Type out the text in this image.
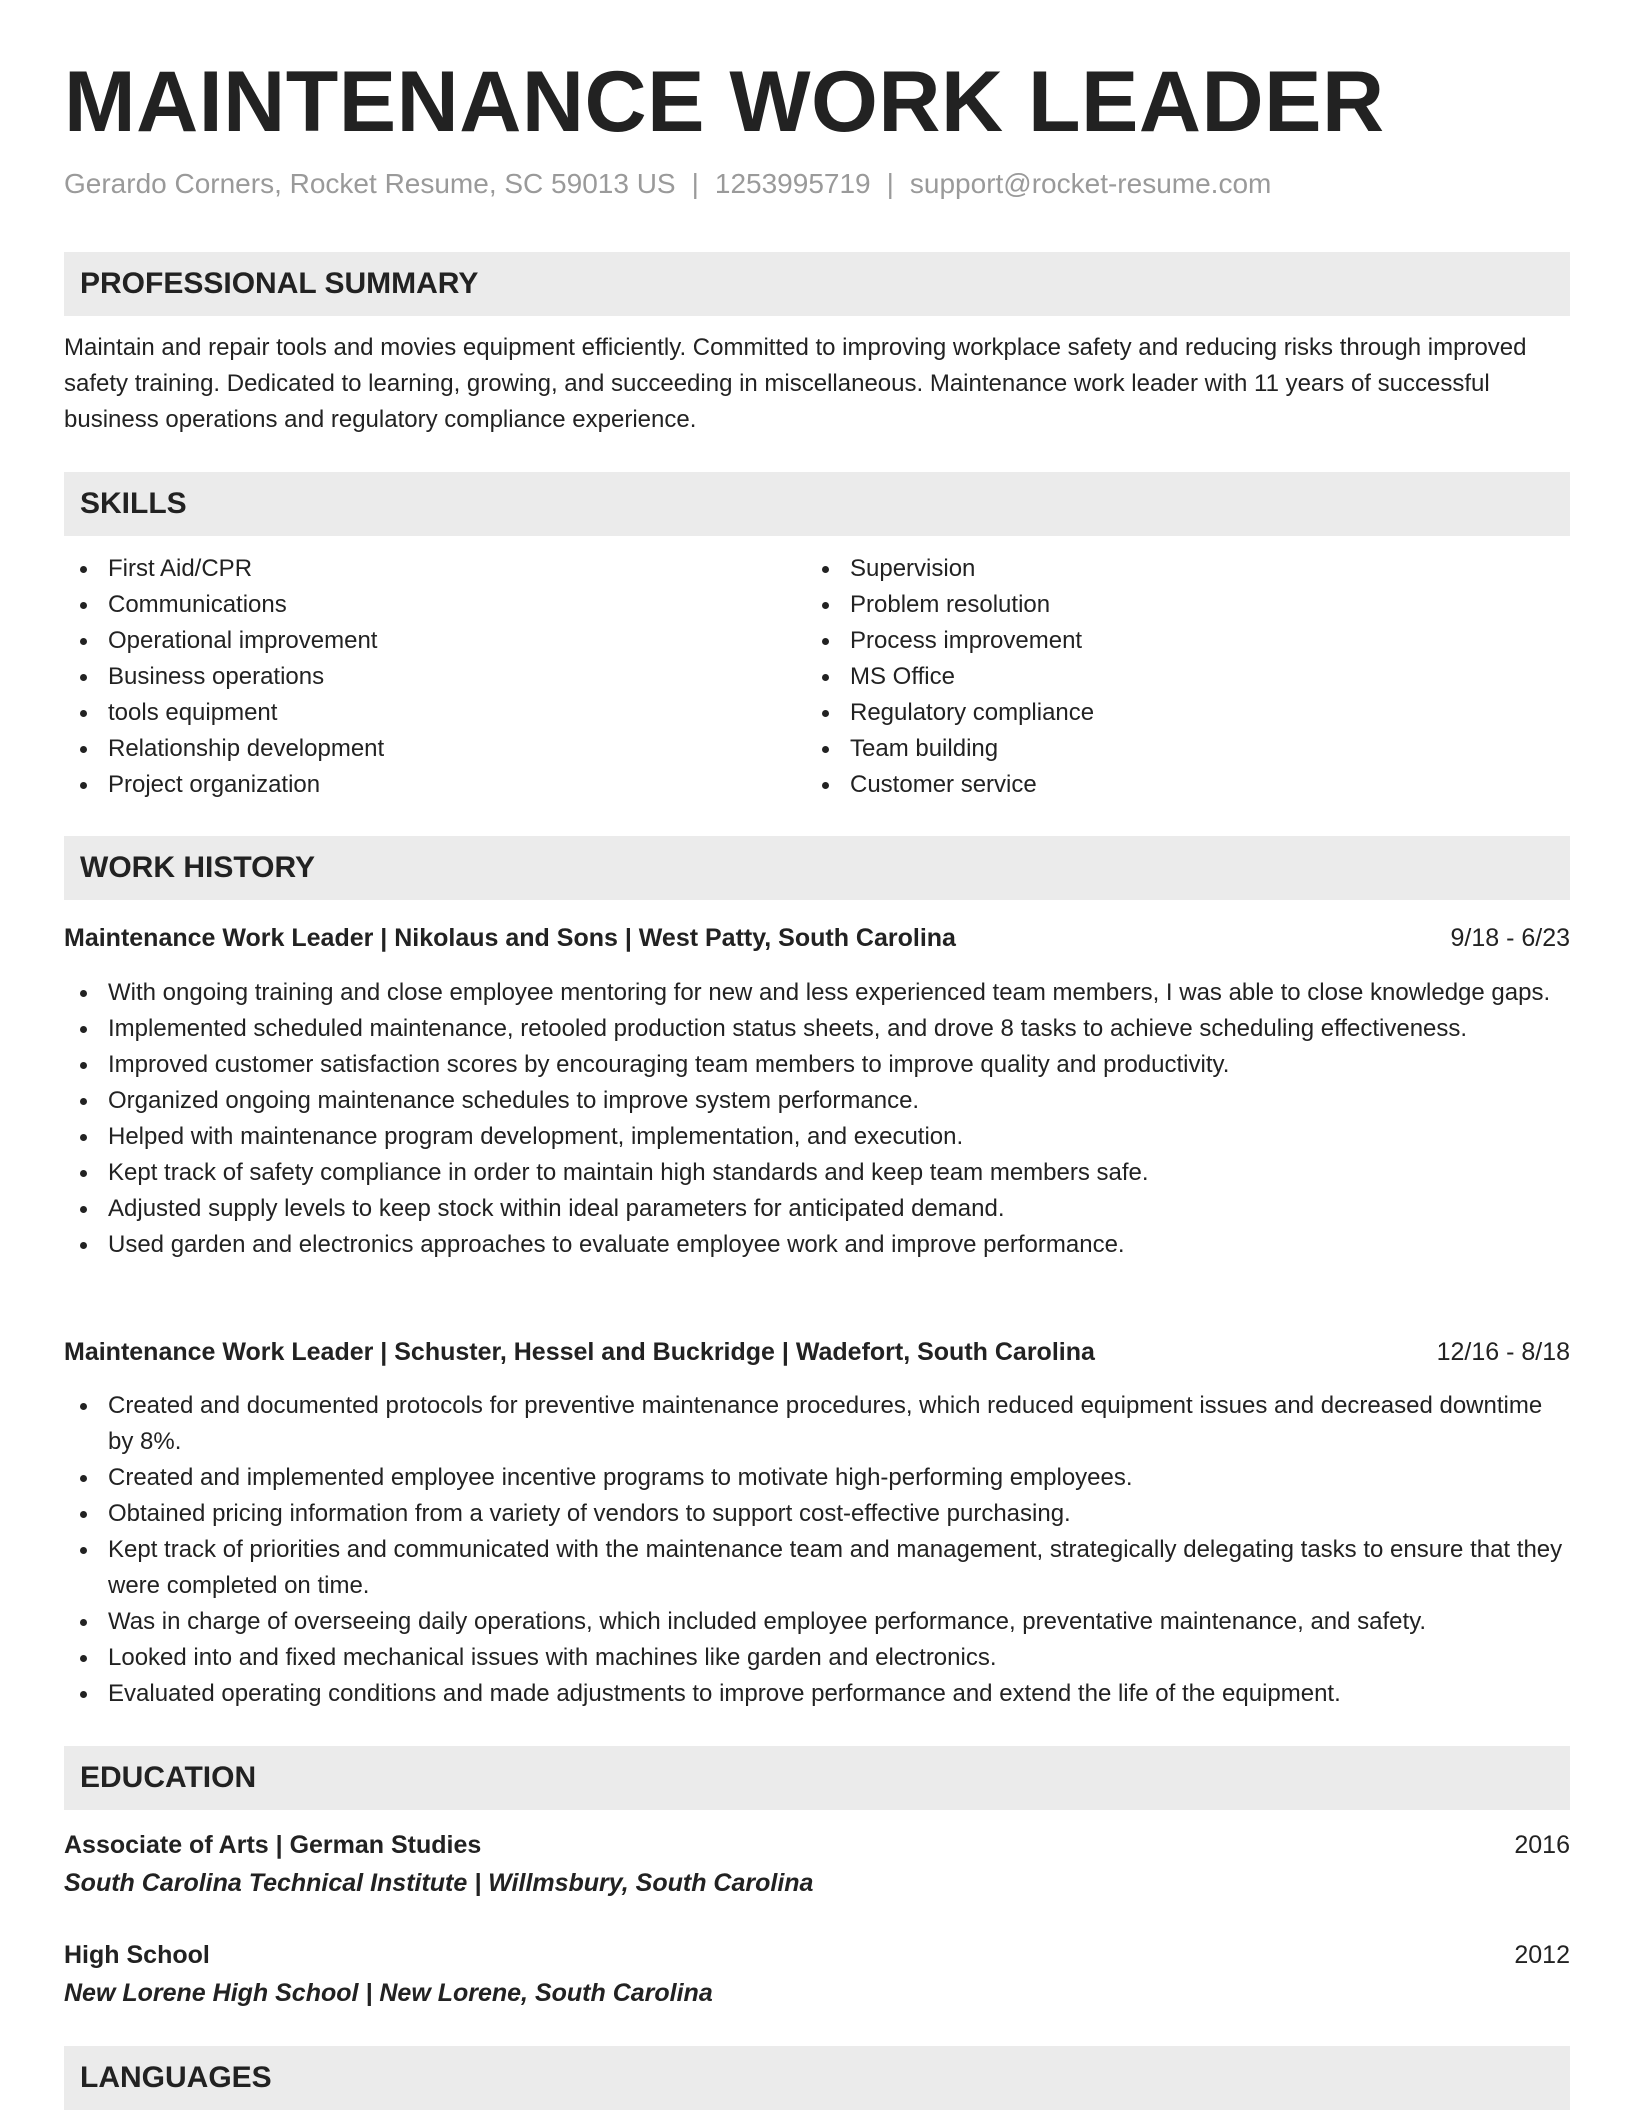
MAINTENANCE WORK LEADER
Gerardo Corners, Rocket Resume, SC 59013 US | 1253995719 | support@rocket-resume.com
PROFESSIONAL SUMMARY

Maintain and repair tools and movies equipment efficiently. Committed to improving workplace safety and reducing risks through improved safety training. Dedicated to learning, growing, and succeeding in miscellaneous. Maintenance work leader with 11 years of successful business operations and regulatory compliance experience.

SKILLS
First Aid/CPR
Communications
Operational improvement
Business operations
tools equipment
Relationship development
Project organization
Supervision
Problem resolution
Process improvement
MS Office
Regulatory compliance
Team building
Customer service
WORK HISTORY
Maintenance Work Leader | Nikolaus and Sons | West Patty, South Carolina	9/18 - 6/23
With ongoing training and close employee mentoring for new and less experienced team members, I was able to close knowledge gaps.
Implemented scheduled maintenance, retooled production status sheets, and drove 8 tasks to achieve scheduling effectiveness.
Improved customer satisfaction scores by encouraging team members to improve quality and productivity.
Organized ongoing maintenance schedules to improve system performance.
Helped with maintenance program development, implementation, and execution.
Kept track of safety compliance in order to maintain high standards and keep team members safe.
Adjusted supply levels to keep stock within ideal parameters for anticipated demand.
Used garden and electronics approaches to evaluate employee work and improve performance.
Maintenance Work Leader | Schuster, Hessel and Buckridge | Wadefort, South Carolina	12/16 - 8/18
Created and documented protocols for preventive maintenance procedures, which reduced equipment issues and decreased downtime by 8%.
Created and implemented employee incentive programs to motivate high-performing employees.
Obtained pricing information from a variety of vendors to support cost-effective purchasing.
Kept track of priorities and communicated with the maintenance team and management, strategically delegating tasks to ensure that they were completed on time.
Was in charge of overseeing daily operations, which included employee performance, preventative maintenance, and safety.
Looked into and fixed mechanical issues with machines like garden and electronics.
Evaluated operating conditions and made adjustments to improve performance and extend the life of the equipment.
EDUCATION
Associate of Arts | German Studies	2016
South Carolina Technical Institute | Willmsbury, South Carolina
High School	2012
New Lorene High School | New Lorene, South Carolina
LANGUAGES
